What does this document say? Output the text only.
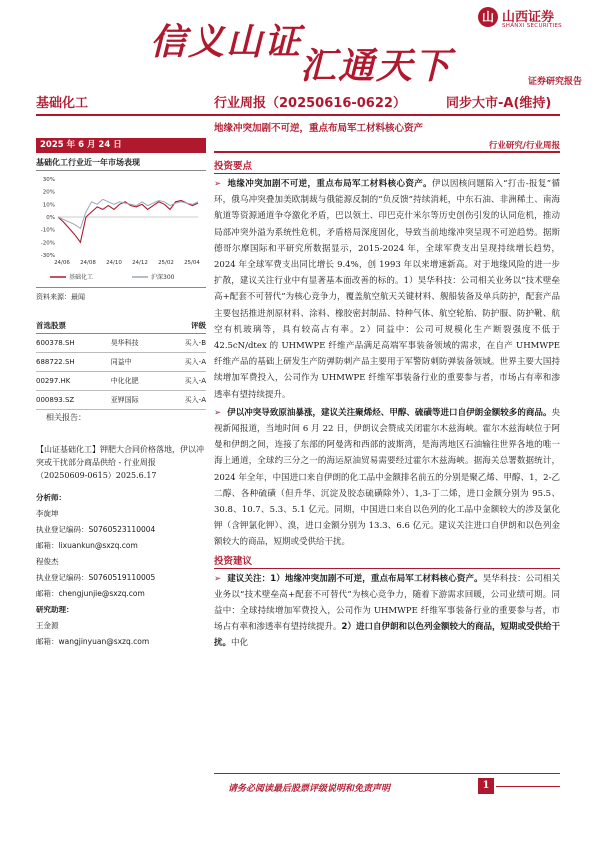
信义山证
汇通天下
山 山西证券
SHANXI SECURITIES
证券研究报告
基础化工	行业周报（20250616-0622）	同步大市-A(维持)
地缘冲突加剧不可逆，重点布局军工材料核心资产
2025 年 6 月 24 日	行业研究/行业周报
基础化工行业近一年市场表现
30%
20%
10%
0%
-10%
-20%
-30%
24/06 24/08 24/10 24/12 25/02 25/04
基础化工	沪深300
资料来源：最闻
首选股票		评级
600378.SH	昊华科技	买入-B
688722.SH	同益中	买入-A
00297.HK	中化化肥	买入-A
000893.SZ	亚钾国际	买入-A
相关报告：
【山证基础化工】钾肥大合同价格落地，伊以冲突或干扰部分商品供给 - 行业周报（20250609-0615）2025.6.17
分析师：
李旋坤
执业登记编码：S0760523110004
邮箱：lixuankun@sxzq.com
程俊杰
执业登记编码：S0760519110005
邮箱：chengjunjie@sxzq.com
研究助理：
王金源
邮箱：wangjinyuan@sxzq.com
投资要点

➢ 地缘冲突加剧不可逆，重点布局军工材料核心资产。伊以因核问题陷入“打击-报复”循环，俄乌冲突叠加美欧制裁与俄能源反制的“负反馈”持续消耗，中东石油、非洲稀土、南海航道等资源通道争夺激化矛盾，巴以领土、印巴克什米尔等历史创伤引发的认同危机，推动局部冲突外溢为系统性危机，矛盾格局深度固化，导致当前地缘冲突呈现不可逆趋势。据斯德哥尔摩国际和平研究所数据显示，2015-2024 年，全球军费支出呈现持续增长趋势，2024 年全球军费支出同比增长 9.4%，创 1993 年以来增速新高。对于地缘风险的进一步扩散，建议关注行业中有显著基本面改善的标的。1）昊华科技：公司相关业务以“技术壁垒高+配套不可替代”为核心竞争力，覆盖航空航天关键材料、舰船装备及单兵防护，配套产品主要包括推进剂原材料、涂料、橡胶密封制品、特种气体、航空轮胎、防护服、防护靴、航空有机玻璃等，具有较高占有率。2）同益中：公司可规模化生产断裂强度不低于 42.5cN/dtex 的 UHMWPE 纤维产品满足高端军事装备领域的需求，在自产 UHMWPE 纤维产品的基础上研发生产防弹防刺产品主要用于军警防刺防弹装备领域。世界主要大国持续增加军费投入，公司作为 UHMWPE 纤维军事装备行业的重要参与者，市场占有率和渗透率有望持续提升。

➢ 伊以冲突导致原油暴涨，建议关注聚烯烃、甲醇、硫磺等进口自伊朗金额较多的商品。央视新闻报道，当地时间 6 月 22 日，伊朗议会赞成关闭霍尔木兹海峡。霍尔木兹海峡位于阿曼和伊朗之间，连接了东部的阿曼湾和西部的波斯湾，是海湾地区石油输往世界各地的唯一海上通道，全球约三分之一的海运原油贸易需要经过霍尔木兹海峡。据海关总署数据统计，2024 年全年，中国进口来自伊朗的化工品中金额排名前五的分别是聚乙烯、甲醇、1，2-乙二醇、各种硫磺（但升华、沉淀及胶态硫磺除外）、1,3-丁二烯，进口金额分别为 95.5、30.8、10.7、5.3、5.1 亿元。同期，中国进口来自以色列的化工品中金额较大的涉及氯化钾（含钾氯化钾）、溴，进口金额分别为 13.3、6.6 亿元。建议关注进口自伊朗和以色列金额较大的商品，短期或受供给干扰。

投资建议

➢ 建议关注：1）地缘冲突加剧不可逆，重点布局军工材料核心资产。昊华科技：公司相关业务以“技术壁垒高+配套不可替代”为核心竞争力，随着下游需求回暖，公司业绩可期。同益中：全球持续增加军费投入，公司作为 UHMWPE 纤维军事装备行业的重要参与者，市场占有率和渗透率有望持续提升。2）进口自伊朗和以色列金额较大的商品，短期或受供给干扰。中化

请务必阅读最后股票评级说明和免责声明	1
